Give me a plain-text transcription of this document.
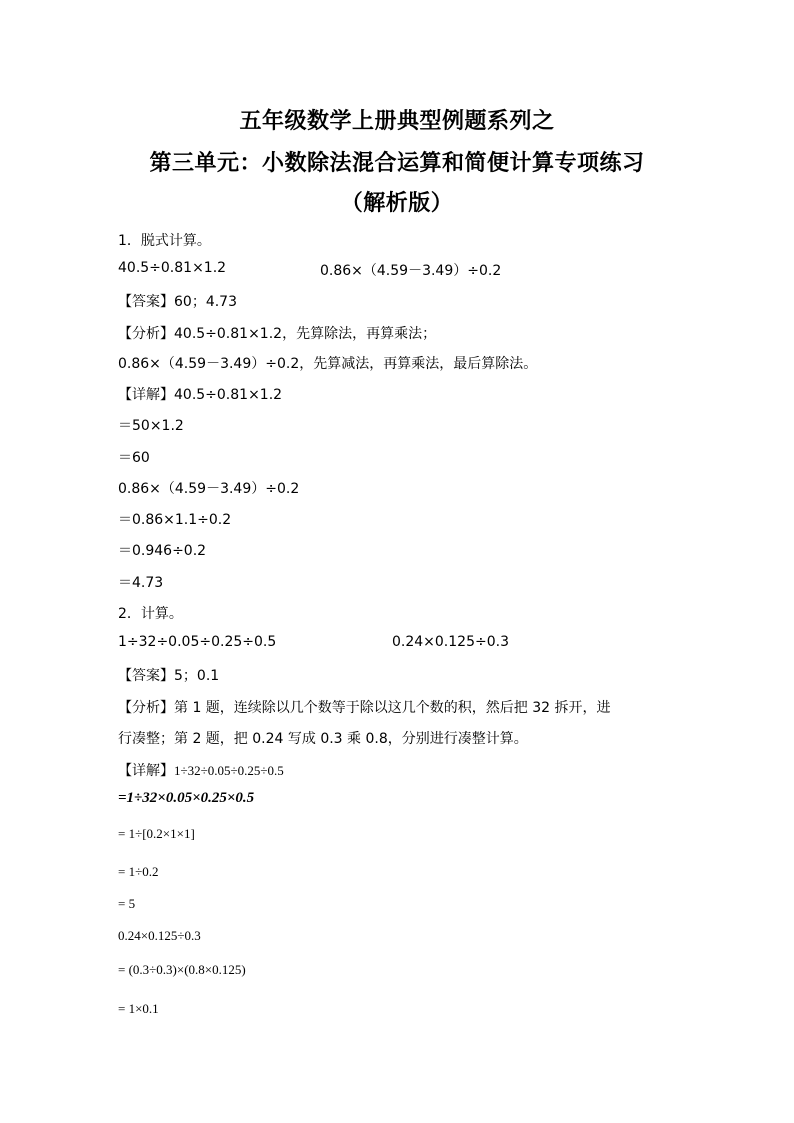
五年级数学上册典型例题系列之
第三单元：小数除法混合运算和简便计算专项练习
（解析版）
1．脱式计算。
40.5÷0.81×1.2	0.86×（4.59－3.49）÷0.2
【答案】60；4.73
【分析】40.5÷0.81×1.2，先算除法，再算乘法；
0.86×（4.59－3.49）÷0.2，先算减法，再算乘法，最后算除法。
【详解】40.5÷0.81×1.2
＝50×1.2
＝60
0.86×（4.59－3.49）÷0.2
＝0.86×1.1÷0.2
＝0.946÷0.2
＝4.73
2．计算。
1÷32÷0.05÷0.25÷0.5	0.24×0.125÷0.3
【答案】5；0.1
【分析】第 1 题，连续除以几个数等于除以这几个数的积，然后把 32 拆开，进
行凑整；第 2 题，把 0.24 写成 0.3 乘 0.8，分别进行凑整计算。
【详解】1÷32÷0.05÷0.25÷0.5
=1÷32×0.05×0.25×0.5
= 1÷[0.2×1×1]
= 1÷0.2
= 5
0.24×0.125÷0.3
= (0.3÷0.3)×(0.8×0.125)
= 1×0.1
